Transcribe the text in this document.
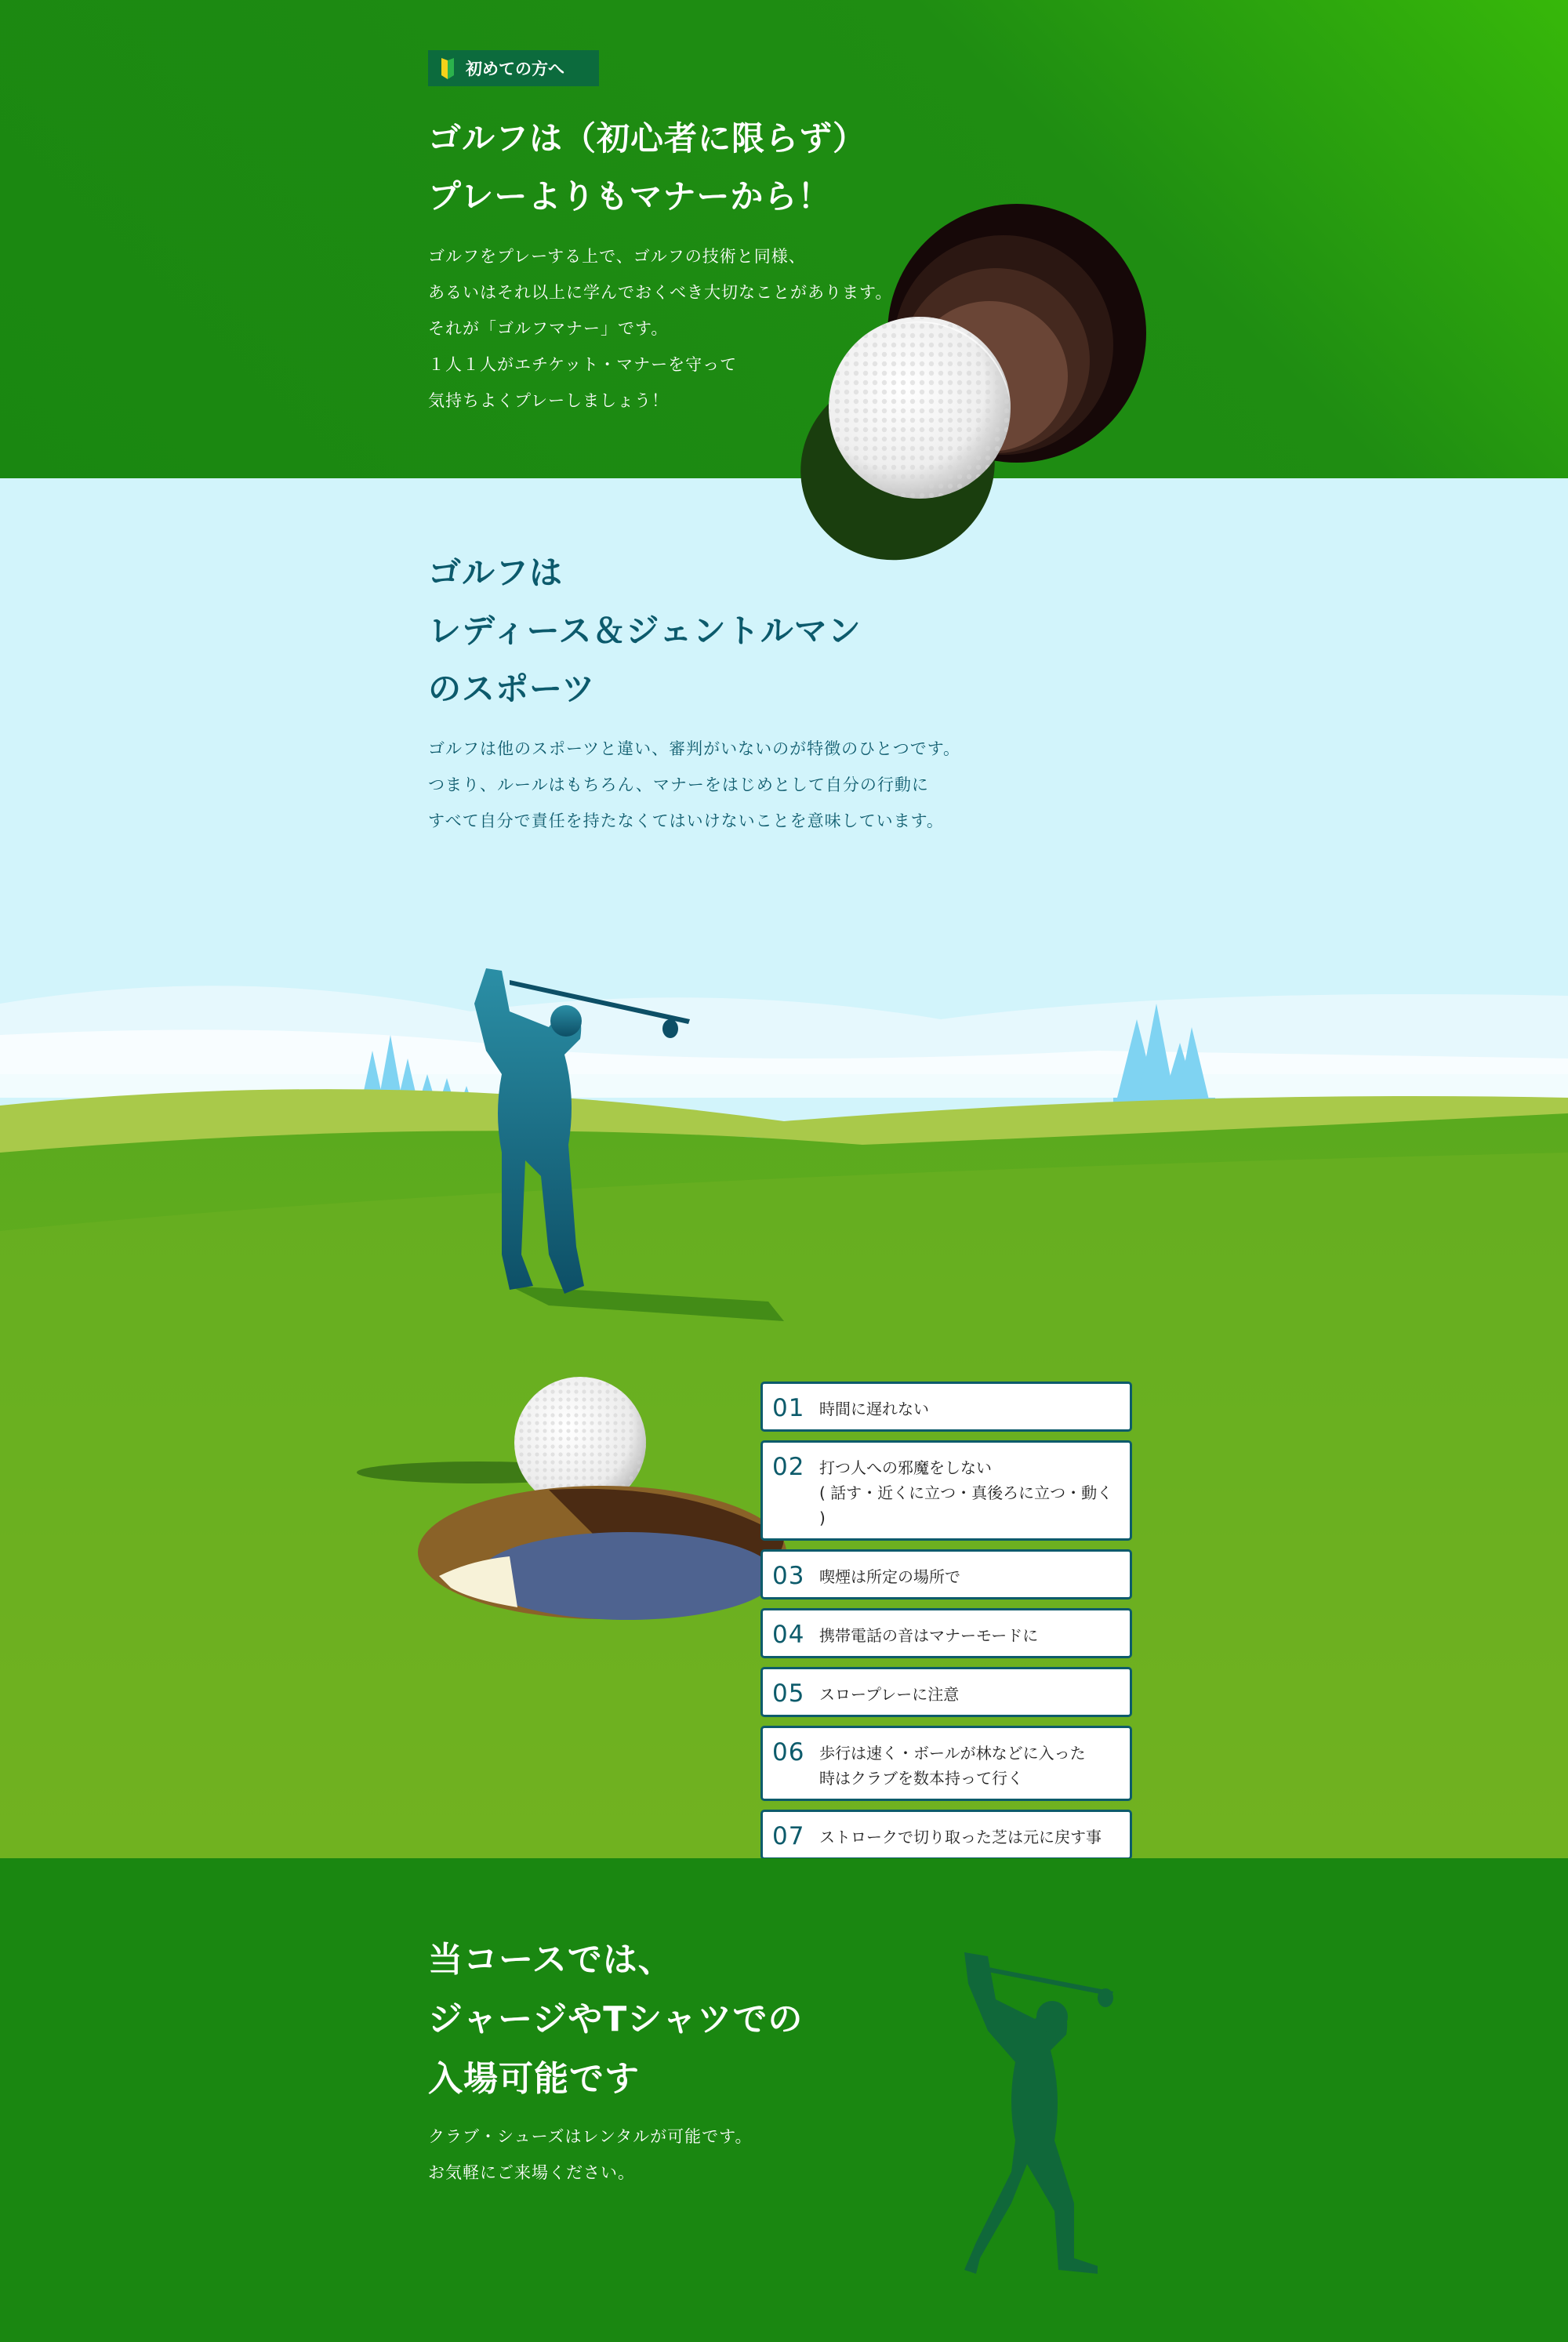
初めての方へ
ゴルフは（初心者に限らず）
プレーよりもマナーから！
ゴルフをプレーする上で、ゴルフの技術と同様、
あるいはそれ以上に学んでおくべき大切なことがあります。
それが「ゴルフマナー」です。
１人１人がエチケット・マナーを守って
気持ちよくプレーしましょう！
ゴルフは
レディース＆ジェントルマン
のスポーツ
ゴルフは他のスポーツと違い、審判がいないのが特徴のひとつです。
つまり、ルールはもちろん、マナーをはじめとして自分の行動に
すべて自分で責任を持たなくてはいけないことを意味しています。
01 時間に遅れない
02 打つ人への邪魔をしない
( 話す・近くに立つ・真後ろに立つ・動く )
03 喫煙は所定の場所で
04 携帯電話の音はマナーモードに
05 スロープレーに注意
06 歩行は速く・ボールが林などに入った
時はクラブを数本持って行く
07 ストロークで切り取った芝は元に戻す事
当コースでは、
ジャージやTシャツでの
入場可能です
クラブ・シューズはレンタルが可能です。
お気軽にご来場ください。
